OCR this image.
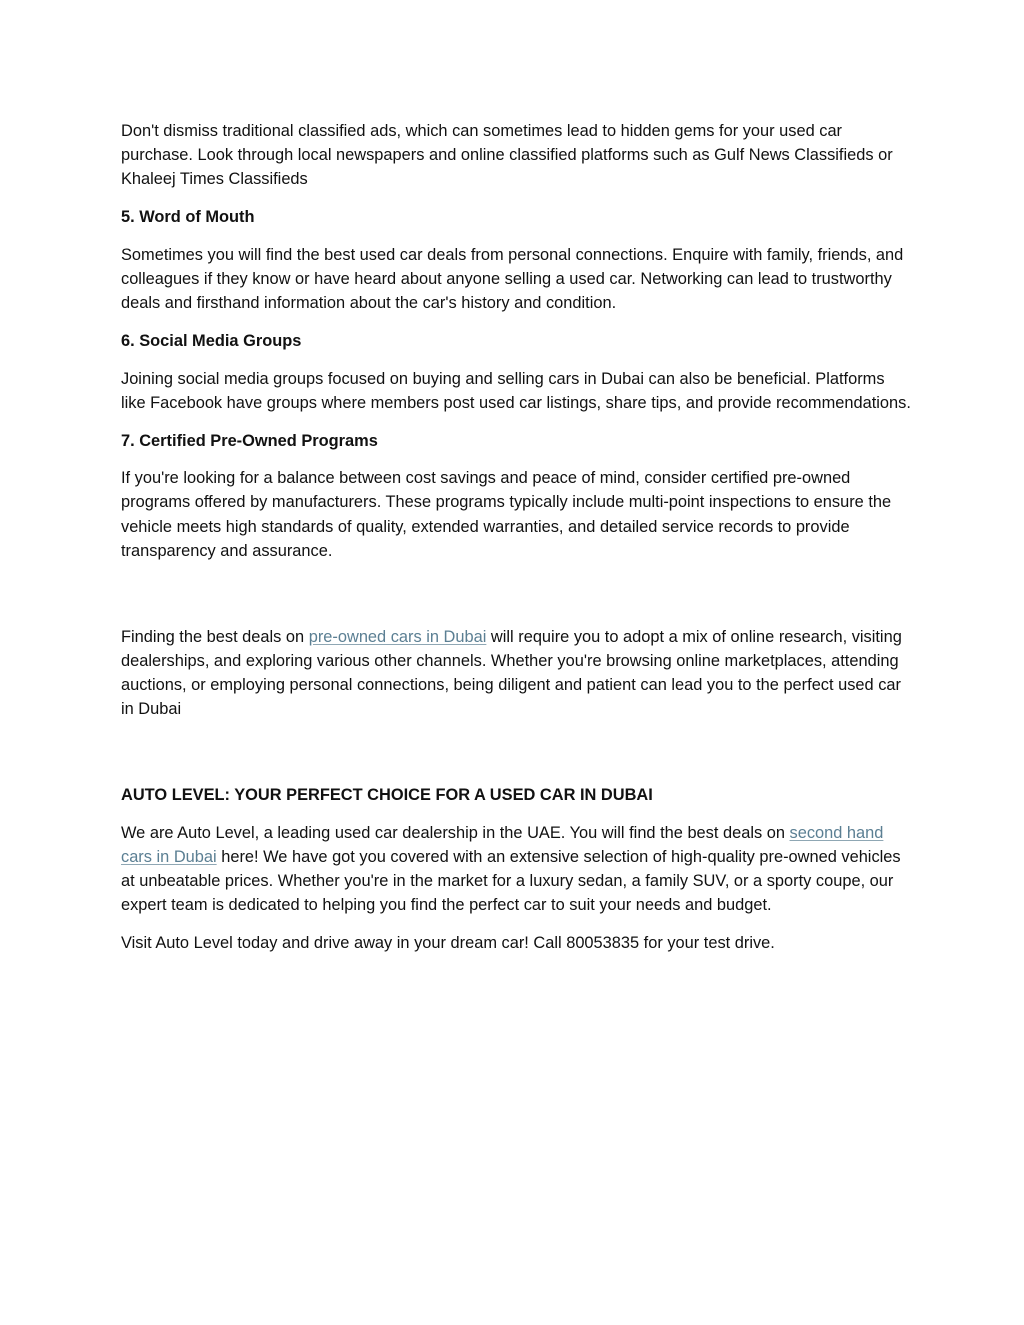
Don't dismiss traditional classified ads, which can sometimes lead to hidden gems for your used car purchase. Look through local newspapers and online classified platforms such as Gulf News Classifieds or Khaleej Times Classifieds

5. Word of Mouth

Sometimes you will find the best used car deals from personal connections. Enquire with family, friends, and colleagues if they know or have heard about anyone selling a used car. Networking can lead to trustworthy deals and firsthand information about the car's history and condition.

6. Social Media Groups

Joining social media groups focused on buying and selling cars in Dubai can also be beneficial. Platforms like Facebook have groups where members post used car listings, share tips, and provide recommendations.

7. Certified Pre-Owned Programs

If you're looking for a balance between cost savings and peace of mind, consider certified pre-owned programs offered by manufacturers. These programs typically include multi-point inspections to ensure the vehicle meets high standards of quality, extended warranties, and detailed service records to provide transparency and assurance.

Finding the best deals on pre-owned cars in Dubai will require you to adopt a mix of online research, visiting dealerships, and exploring various other channels. Whether you're browsing online marketplaces, attending auctions, or employing personal connections, being diligent and patient can lead you to the perfect used car in Dubai

AUTO LEVEL: YOUR PERFECT CHOICE FOR A USED CAR IN DUBAI

We are Auto Level, a leading used car dealership in the UAE. You will find the best deals on second hand cars in Dubai here! We have got you covered with an extensive selection of high-quality pre-owned vehicles at unbeatable prices. Whether you're in the market for a luxury sedan, a family SUV, or a sporty coupe, our expert team is dedicated to helping you find the perfect car to suit your needs and budget.

Visit Auto Level today and drive away in your dream car! Call 80053835 for your test drive.
